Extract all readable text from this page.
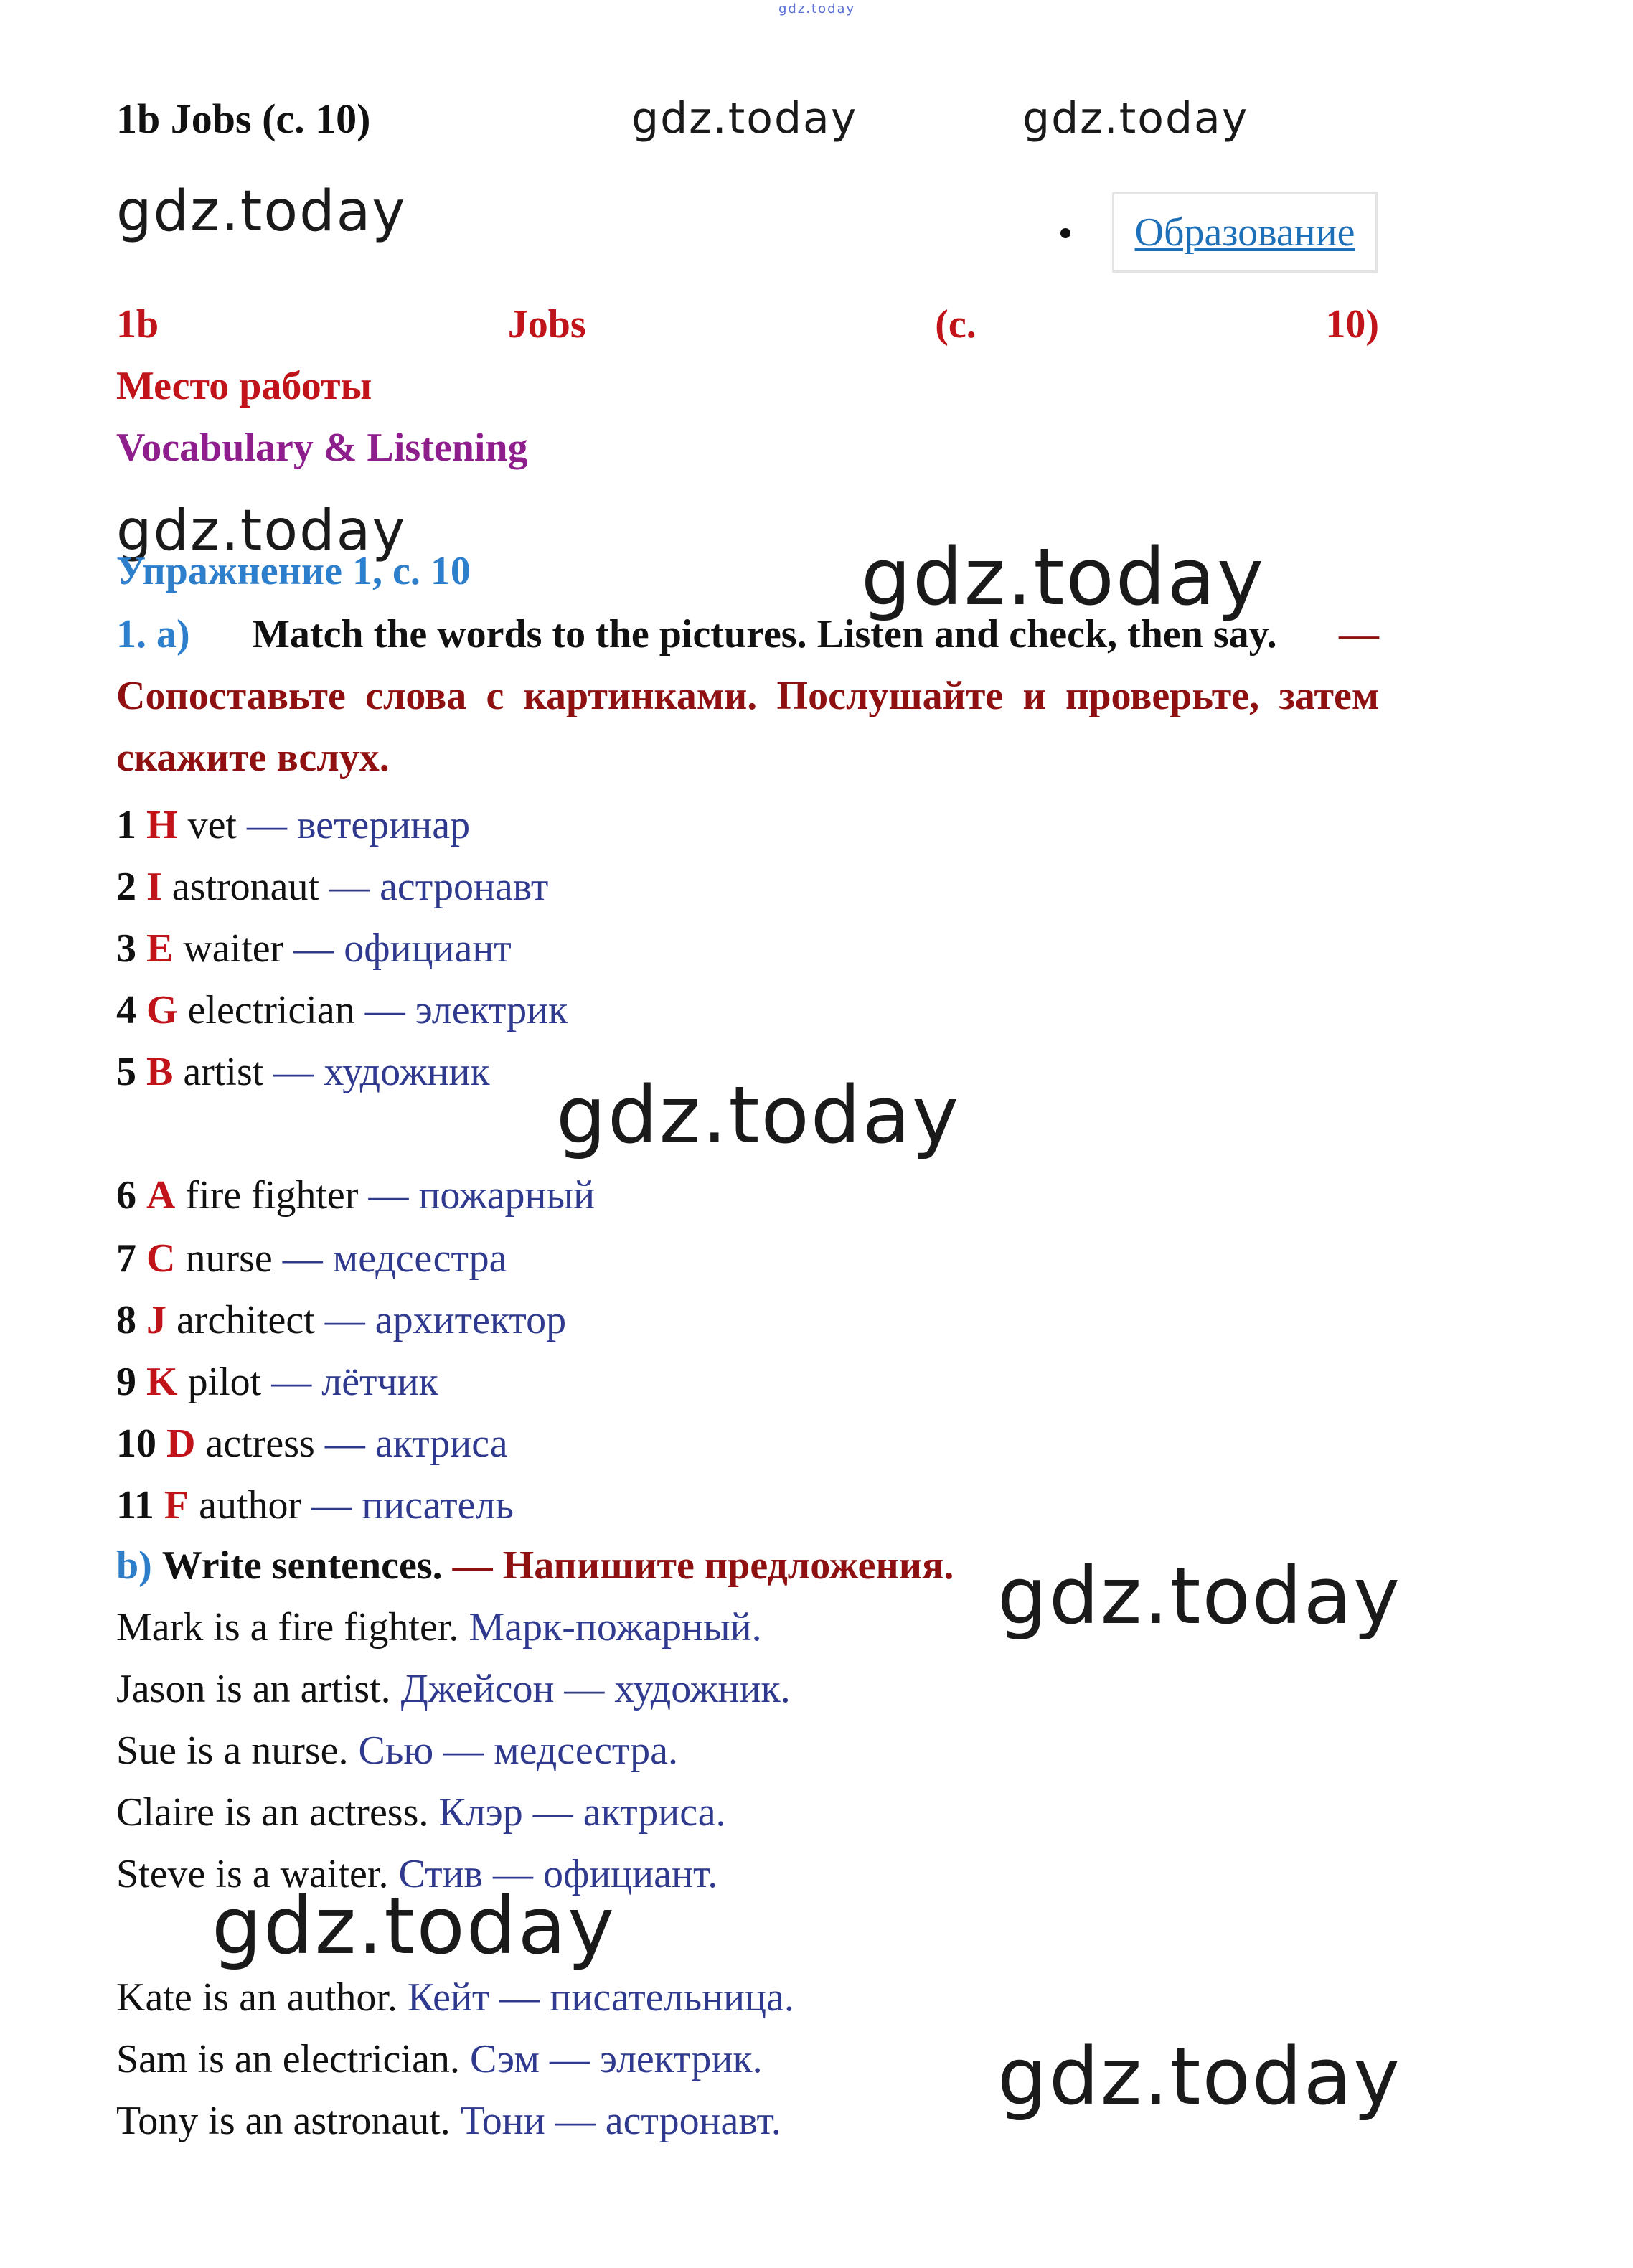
gdz.today
gdz.today	gdz.today
gdz.today
gdz.today	gdz.today
gdz.today
gdz.today
gdz.today
gdz.today
1b Jobs (с. 10)
Образование
1b	Jobs	(с.	10)
Место работы
Vocabulary & Listening
Упражнение 1, с. 10
1. a) Match the words to the pictures. Listen and check, then say. —
Сопоставьте слова с картинками. Послушайте и проверьте, затем
скажите вслух.
1 H vet — ветеринар
2 I astronaut — астронавт
3 E waiter — официант
4 G electrician — электрик
5 B artist — художник
6 A fire fighter — пожарный
7 C nurse — медсестра
8 J architect — архитектор
9 K pilot — лётчик
10 D actress — актриса
11 F author — писатель
b) Write sentences. — Напишите предложения.
Mark is a fire fighter. Марк-пожарный.
Jason is an artist. Джейсон — художник.
Sue is a nurse. Сью — медсестра.
Claire is an actress. Клэр — актриса.
Steve is a waiter. Стив — официант.
Kate is an author. Кейт — писательница.
Sam is an electrician. Сэм — электрик.
Tony is an astronaut. Тони — астронавт.
